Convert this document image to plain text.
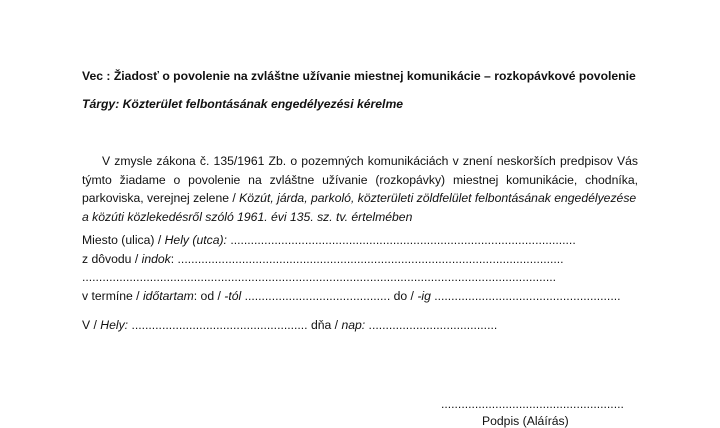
Vec : Žiadosť o povolenie na zvláštne užívanie miestnej komunikácie – rozkopávkové povolenie
Tárgy: Közterület felbontásának engedélyezési kérelme
V zmysle zákona č. 135/1961 Zb. o pozemných komunikáciách v znení neskorších predpisov Vás
týmto žiadame o povolenie na zvláštne užívanie (rozkopávky) miestnej komunikácie, chodníka,
parkoviska, verejnej zelene / Közút, járda, parkoló, közterületi zöldfelület felbontásának engedélyezése
a közúti közlekedésről szóló 1961. évi 135. sz. tv. értelmében
Miesto (ulica) / Hely (utca): ......................................................................................................
z dôvodu / indok: ..................................................................................................................
............................................................................................................................................
v termíne / időtartam: od / -tól ........................................... do / -ig .......................................................
V / Hely: .................................................... dňa / nap: ......................................
......................................................
Podpis (Aláírás)
